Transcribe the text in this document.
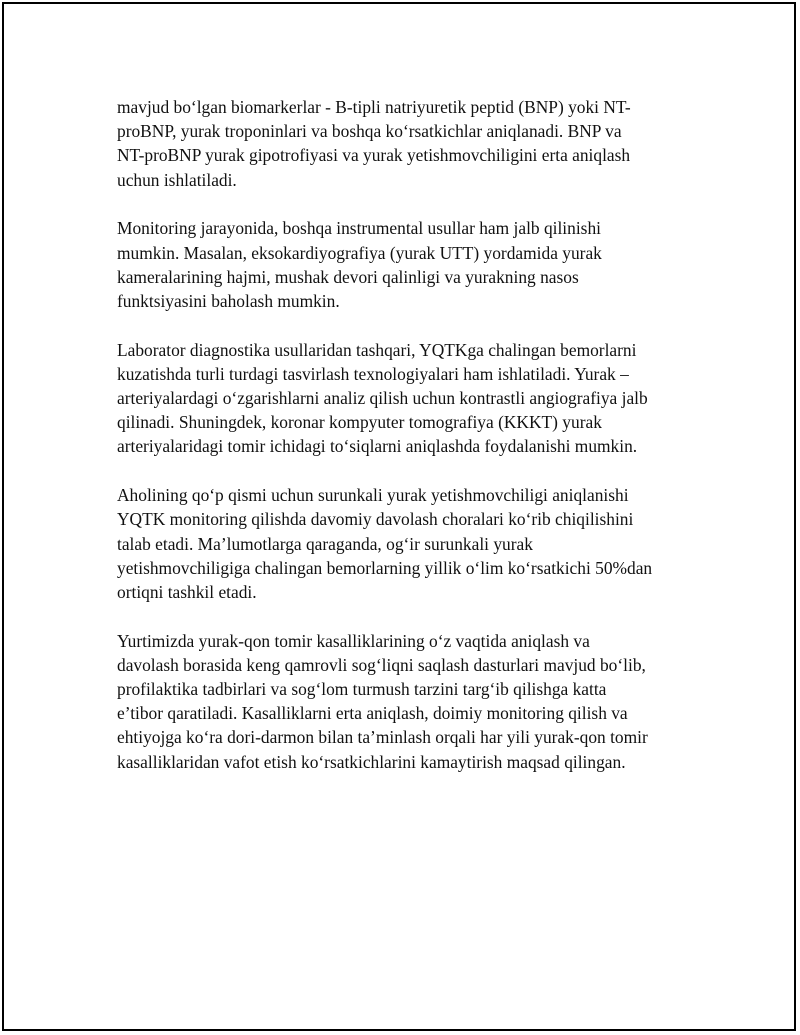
mavjud bo‘lgan biomarkerlar - B-tipli natriyuretik peptid (BNP) yoki NT-
proBNP, yurak troponinlari va boshqa ko‘rsatkichlar aniqlanadi. BNP va
NT-proBNP yurak gipotrofiyasi va yurak yetishmovchiligini erta aniqlash
uchun ishlatiladi.

Monitoring jarayonida, boshqa instrumental usullar ham jalb qilinishi
mumkin. Masalan, eksokardiyografiya (yurak UTT) yordamida yurak
kameralarining hajmi, mushak devori qalinligi va yurakning nasos
funktsiyasini baholash mumkin.

Laborator diagnostika usullaridan tashqari, YQTKga chalingan bemorlarni
kuzatishda turli turdagi tasvirlash texnologiyalari ham ishlatiladi. Yurak –
arteriyalardagi o‘zgarishlarni analiz qilish uchun kontrastli angiografiya jalb
qilinadi. Shuningdek, koronar kompyuter tomografiya (KKKT) yurak
arteriyalaridagi tomir ichidagi to‘siqlarni aniqlashda foydalanishi mumkin.

Aholining qo‘p qismi uchun surunkali yurak yetishmovchiligi aniqlanishi
YQTK monitoring qilishda davomiy davolash choralari ko‘rib chiqilishini
talab etadi. Ma’lumotlarga qaraganda, og‘ir surunkali yurak
yetishmovchiligiga chalingan bemorlarning yillik o‘lim ko‘rsatkichi 50%dan
ortiqni tashkil etadi.

Yurtimizda yurak-qon tomir kasalliklarining o‘z vaqtida aniqlash va
davolash borasida keng qamrovli sog‘liqni saqlash dasturlari mavjud bo‘lib,
profilaktika tadbirlari va sog‘lom turmush tarzini targ‘ib qilishga katta
e’tibor qaratiladi. Kasalliklarni erta aniqlash, doimiy monitoring qilish va
ehtiyojga ko‘ra dori-darmon bilan ta’minlash orqali har yili yurak-qon tomir
kasalliklaridan vafot etish ko‘rsatkichlarini kamaytirish maqsad qilingan.
